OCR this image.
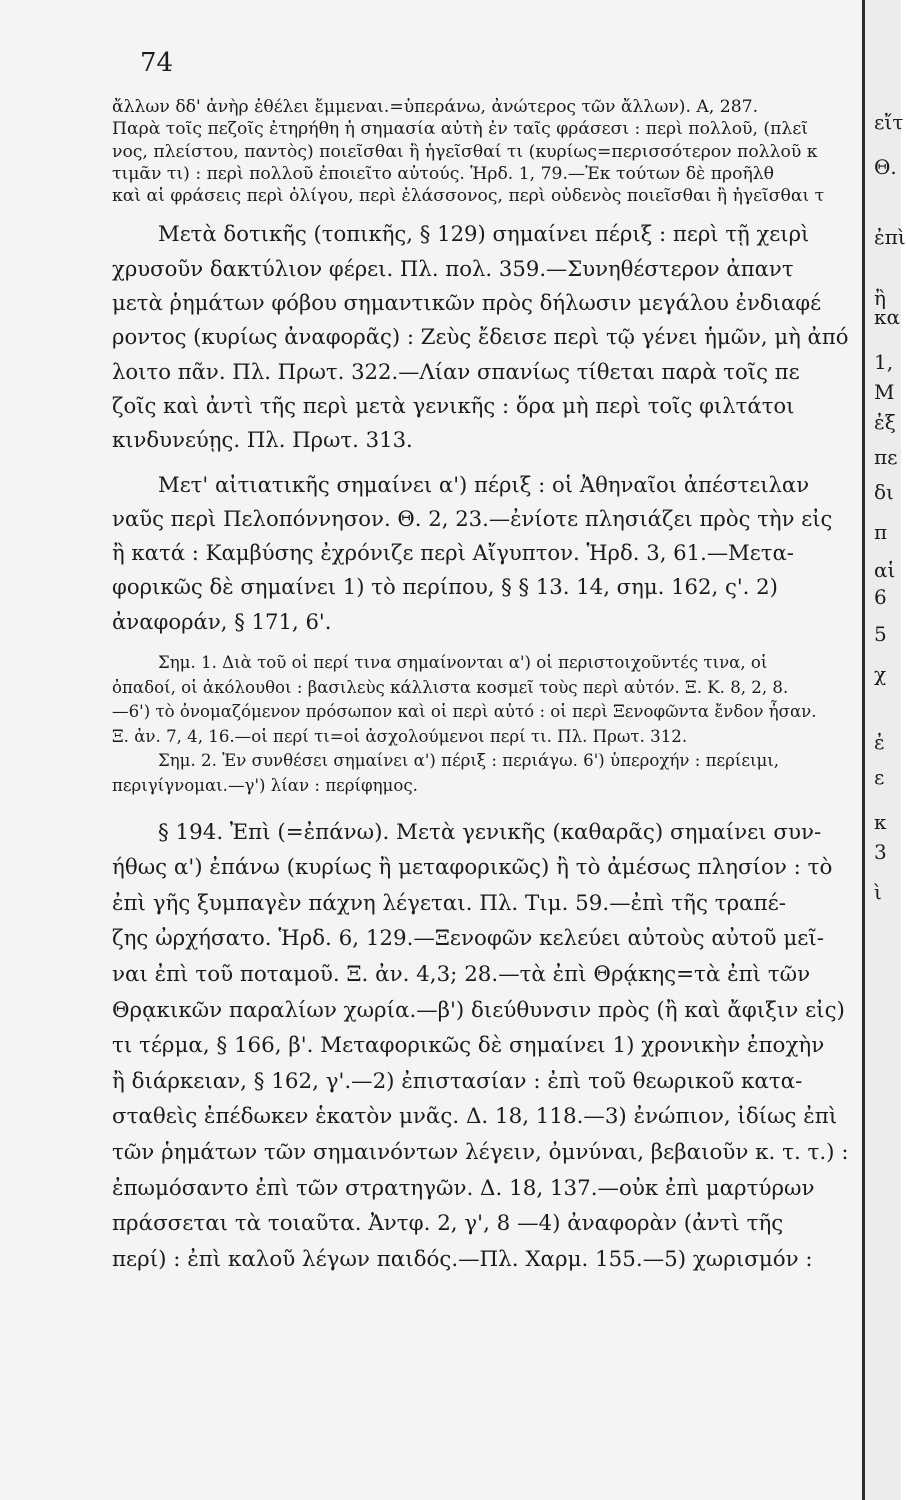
74
ἄλλων δδ' ἀνὴρ ἐθέλει ἔμμεναι.=ὑπεράνω, ἀνώτερος τῶν ἄλλων). Α, 287.
Παρὰ τοῖς πεζοῖς ἐτηρήθη ἡ σημασία αὐτὴ ἐν ταῖς φράσεσι : περὶ πολλοῦ, (πλεῖ
νος, πλείστου, παντὸς) ποιεῖσθαι ἢ ἡγεῖσθαί τι (κυρίως=περισσότερον πολλοῦ κ
τιμᾶν τι) : περὶ πολλοῦ ἐποιεῖτο αὐτούς. Ἡρδ. 1, 79.—Ἐκ τούτων δὲ προῆλθ
καὶ αἱ φράσεις περὶ ὀλίγου, περὶ ἐλάσσονος, περὶ οὐδενὸς ποιεῖσθαι ἢ ἡγεῖσθαι τ
Μετὰ δοτικῆς (τοπικῆς, § 129) σημαίνει πέριξ : περὶ τῇ χειρὶ
χρυσοῦν δακτύλιον φέρει. Πλ. πολ. 359.—Συνηθέστερον ἀπαντ
μετὰ ῥημάτων φόβου σημαντικῶν πρὸς δήλωσιν μεγάλου ἐνδιαφέ
ροντος (κυρίως ἀναφορᾶς) : Ζεὺς ἔδεισε περὶ τῷ γένει ἡμῶν, μὴ ἀπό
λοιτο πᾶν. Πλ. Πρωτ. 322.—Λίαν σπανίως τίθεται παρὰ τοῖς πε
ζοῖς καὶ ἀντὶ τῆς περὶ μετὰ γενικῆς : ὅρα μὴ περὶ τοῖς φιλτάτοι
κινδυνεύῃς. Πλ. Πρωτ. 313.
Μετ' αἰτιατικῆς σημαίνει α') πέριξ : οἱ Ἀθηναῖοι ἀπέστειλαν
ναῦς περὶ Πελοπόννησον. Θ. 2, 23.—ἐνίοτε πλησιάζει πρὸς τὴν εἰς
ἢ κατά : Καμβύσης ἐχρόνιζε περὶ Αἴγυπτον. Ἡρδ. 3, 61.—Μετα-
φορικῶς δὲ σημαίνει 1) τὸ περίπου, § § 13. 14, σημ. 162, ς'. 2)
ἀναφοράν, § 171, 6'.
Σημ. 1. Διὰ τοῦ οἱ περί τινα σημαίνονται α') οἱ περιστοιχοῦντές τινα, οἱ
ὀπαδοί, οἱ ἀκόλουθοι : βασιλεὺς κάλλιστα κοσμεῖ τοὺς περὶ αὐτόν. Ξ. Κ. 8, 2, 8.
—6') τὸ ὀνομαζόμενον πρόσωπον καὶ οἱ περὶ αὐτό : οἱ περὶ Ξενοφῶντα ἔνδον ἦσαν.
Ξ. ἀν. 7, 4, 16.—οἱ περί τι=οἱ ἀσχολούμενοι περί τι. Πλ. Πρωτ. 312.
Σημ. 2. Ἐν συνθέσει σημαίνει α') πέριξ : περιάγω. 6') ὑπεροχήν : περίειμι,
περιγίγνομαι.—γ') λίαν : περίφημος.
§ 194. Ἐπὶ (=ἐπάνω). Μετὰ γενικῆς (καθαρᾶς) σημαίνει συν-
ήθως α') ἐπάνω (κυρίως ἢ μεταφορικῶς) ἢ τὸ ἀμέσως πλησίον : τὸ
ἐπὶ γῆς ξυμπαγὲν πάχνη λέγεται. Πλ. Τιμ. 59.—ἐπὶ τῆς τραπέ-
ζης ὠρχήσατο. Ἡρδ. 6, 129.—Ξενοφῶν κελεύει αὐτοὺς αὐτοῦ μεῖ-
ναι ἐπὶ τοῦ ποταμοῦ. Ξ. ἀν. 4,3; 28.—τὰ ἐπὶ Θρᾴκης=τὰ ἐπὶ τῶν
Θρᾳκικῶν παραλίων χωρία.—β') διεύθυνσιν πρὸς (ἢ καὶ ἄφιξιν εἰς)
τι τέρμα, § 166, β'. Μεταφορικῶς δὲ σημαίνει 1) χρονικὴν ἐποχὴν
ἢ διάρκειαν, § 162, γ'.—2) ἐπιστασίαν : ἐπὶ τοῦ θεωρικοῦ κατα-
σταθεὶς ἐπέδωκεν ἑκατὸν μνᾶς. Δ. 18, 118.—3) ἐνώπιον, ἰδίως ἐπὶ
τῶν ῥημάτων τῶν σημαινόντων λέγειν, ὀμνύναι, βεβαιοῦν κ. τ. τ.) :
ἐπωμόσαντο ἐπὶ τῶν στρατηγῶν. Δ. 18, 137.—οὐκ ἐπὶ μαρτύρων
πράσσεται τὰ τοιαῦτα. Ἀντφ. 2, γ', 8 —4) ἀναφορὰν (ἀντὶ τῆς
περί) : ἐπὶ καλοῦ λέγων παιδός.—Πλ. Χαρμ. 155.—5) χωρισμόν :
εἴτ
Θ.
ἐπὶ
ἢ
κα
1,
Μ
ἐξ
πε
δι
π
αἱ
6
5
χ
ἐ
ε
κ
3
ὶ
